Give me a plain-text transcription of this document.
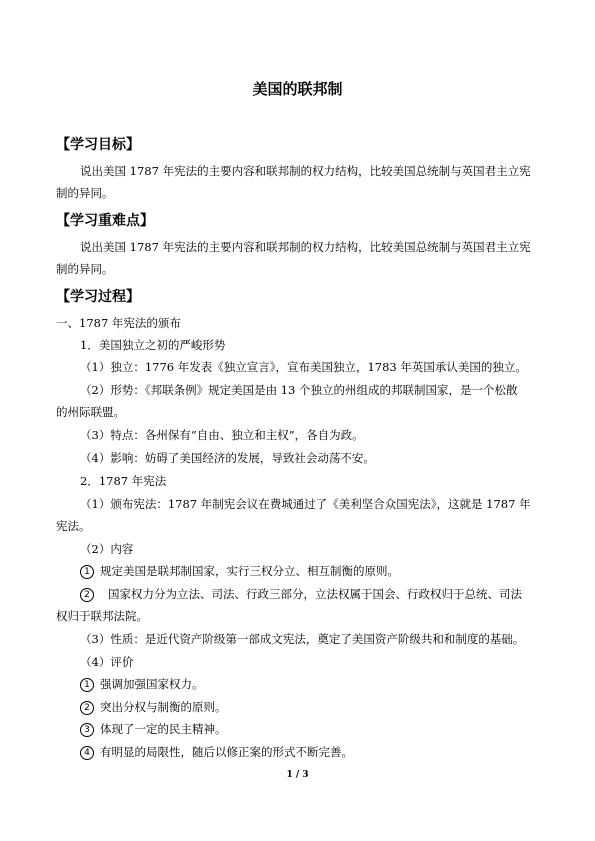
美国的联邦制
【学习目标】
说出美国 1787 年宪法的主要内容和联邦制的权力结构，比较美国总统制与英国君主立宪
制的异同。
【学习重难点】
说出美国 1787 年宪法的主要内容和联邦制的权力结构，比较美国总统制与英国君主立宪
制的异同。
【学习过程】
一、1787 年宪法的颁布
1．美国独立之初的严峻形势
（1）独立：1776 年发表《独立宣言》，宣布美国独立，1783 年英国承认美国的独立。
（2）形势：《邦联条例》规定美国是由 13 个独立的州组成的邦联制国家，是一个松散
的州际联盟。
（3）特点：各州保有“自由、独立和主权”，各自为政。
（4）影响：妨碍了美国经济的发展，导致社会动荡不安。
2．1787 年宪法
（1）颁布宪法：1787 年制宪会议在费城通过了《美利坚合众国宪法》，这就是 1787 年
宪法。
（2）内容
1 规定美国是联邦制国家，实行三权分立、相互制衡的原则。
2 国家权力分为立法、司法、行政三部分，立法权属于国会、行政权归于总统、司法
权归于联邦法院。
（3）性质：是近代资产阶级第一部成文宪法，奠定了美国资产阶级共和和制度的基础。
（4）评价
1 强调加强国家权力。
2 突出分权与制衡的原则。
3 体现了一定的民主精神。
4 有明显的局限性，随后以修正案的形式不断完善。
1 / 3
